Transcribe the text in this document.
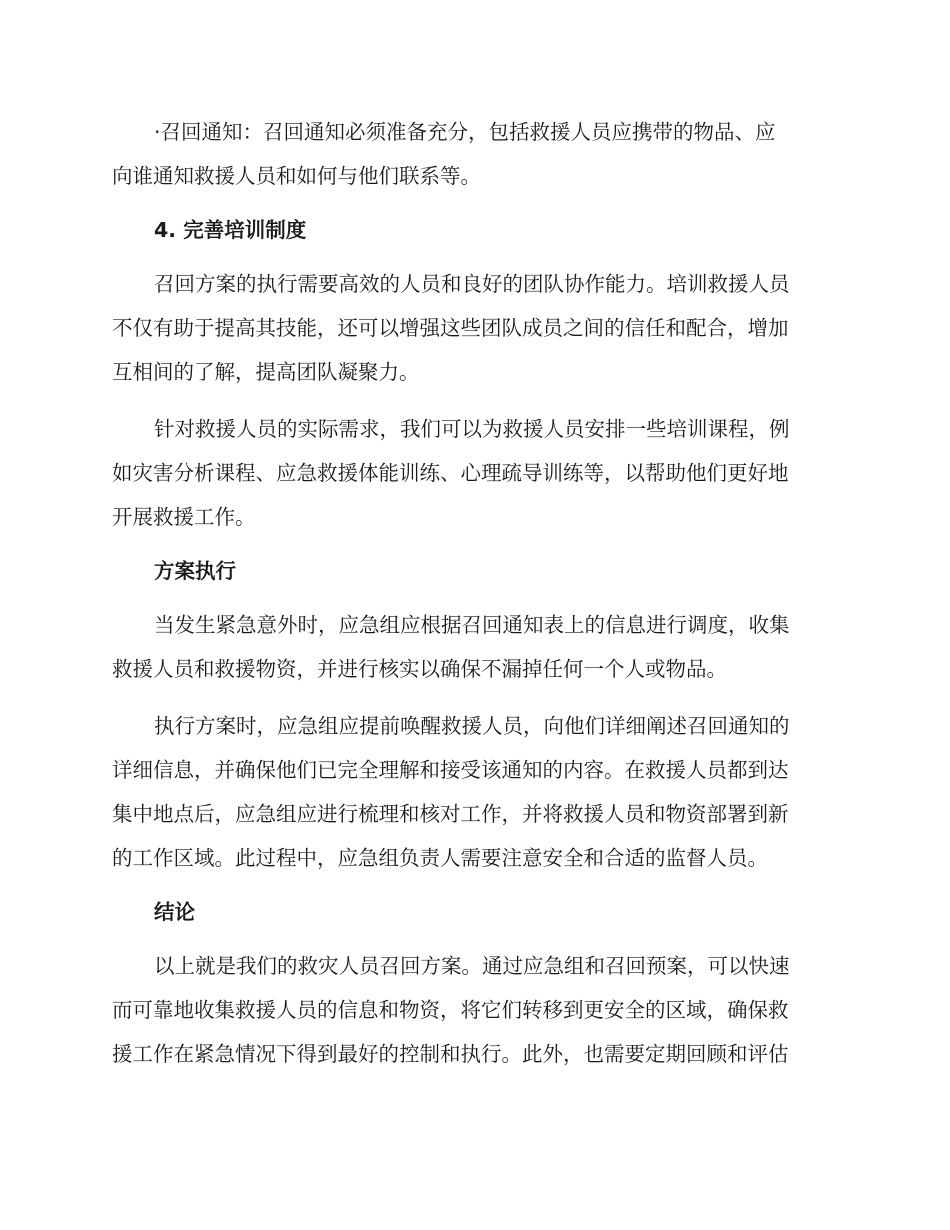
·召回通知：召回通知必须准备充分，包括救援人员应携带的物品、应
向谁通知救援人员和如何与他们联系等。
4. 完善培训制度
召回方案的执行需要高效的人员和良好的团队协作能力。培训救援人员
不仅有助于提高其技能，还可以增强这些团队成员之间的信任和配合，增加
互相间的了解，提高团队凝聚力。
针对救援人员的实际需求，我们可以为救援人员安排一些培训课程，例
如灾害分析课程、应急救援体能训练、心理疏导训练等，以帮助他们更好地
开展救援工作。
方案执行
当发生紧急意外时，应急组应根据召回通知表上的信息进行调度，收集
救援人员和救援物资，并进行核实以确保不漏掉任何一个人或物品。
执行方案时，应急组应提前唤醒救援人员，向他们详细阐述召回通知的
详细信息，并确保他们已完全理解和接受该通知的内容。在救援人员都到达
集中地点后，应急组应进行梳理和核对工作，并将救援人员和物资部署到新
的工作区域。此过程中，应急组负责人需要注意安全和合适的监督人员。
结论
以上就是我们的救灾人员召回方案。通过应急组和召回预案，可以快速
而可靠地收集救援人员的信息和物资，将它们转移到更安全的区域，确保救
援工作在紧急情况下得到最好的控制和执行。此外，也需要定期回顾和评估
